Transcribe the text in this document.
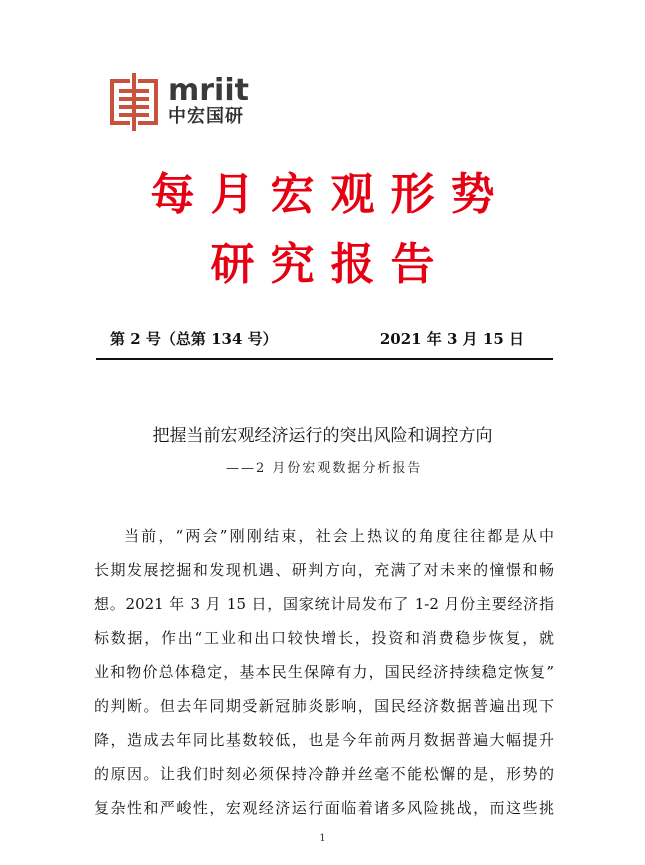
mriit
中宏国研
每月宏观形势
研究报告
第 2 号（总第 134 号）	2021 年 3 月 15 日
把握当前宏观经济运行的突出风险和调控方向
——2 月份宏观数据分析报告
当前，“两会”刚刚结束，社会上热议的角度往往都是从中
长期发展挖掘和发现机遇、研判方向，充满了对未来的憧憬和畅
想。2021 年 3 月 15 日，国家统计局发布了 1-2 月份主要经济指
标数据，作出“工业和出口较快增长，投资和消费稳步恢复，就
业和物价总体稳定，基本民生保障有力，国民经济持续稳定恢复”
的判断。但去年同期受新冠肺炎影响，国民经济数据普遍出现下
降，造成去年同比基数较低，也是今年前两月数据普遍大幅提升
的原因。让我们时刻必须保持冷静并丝毫不能松懈的是，形势的
复杂性和严峻性，宏观经济运行面临着诸多风险挑战，而这些挑
1
